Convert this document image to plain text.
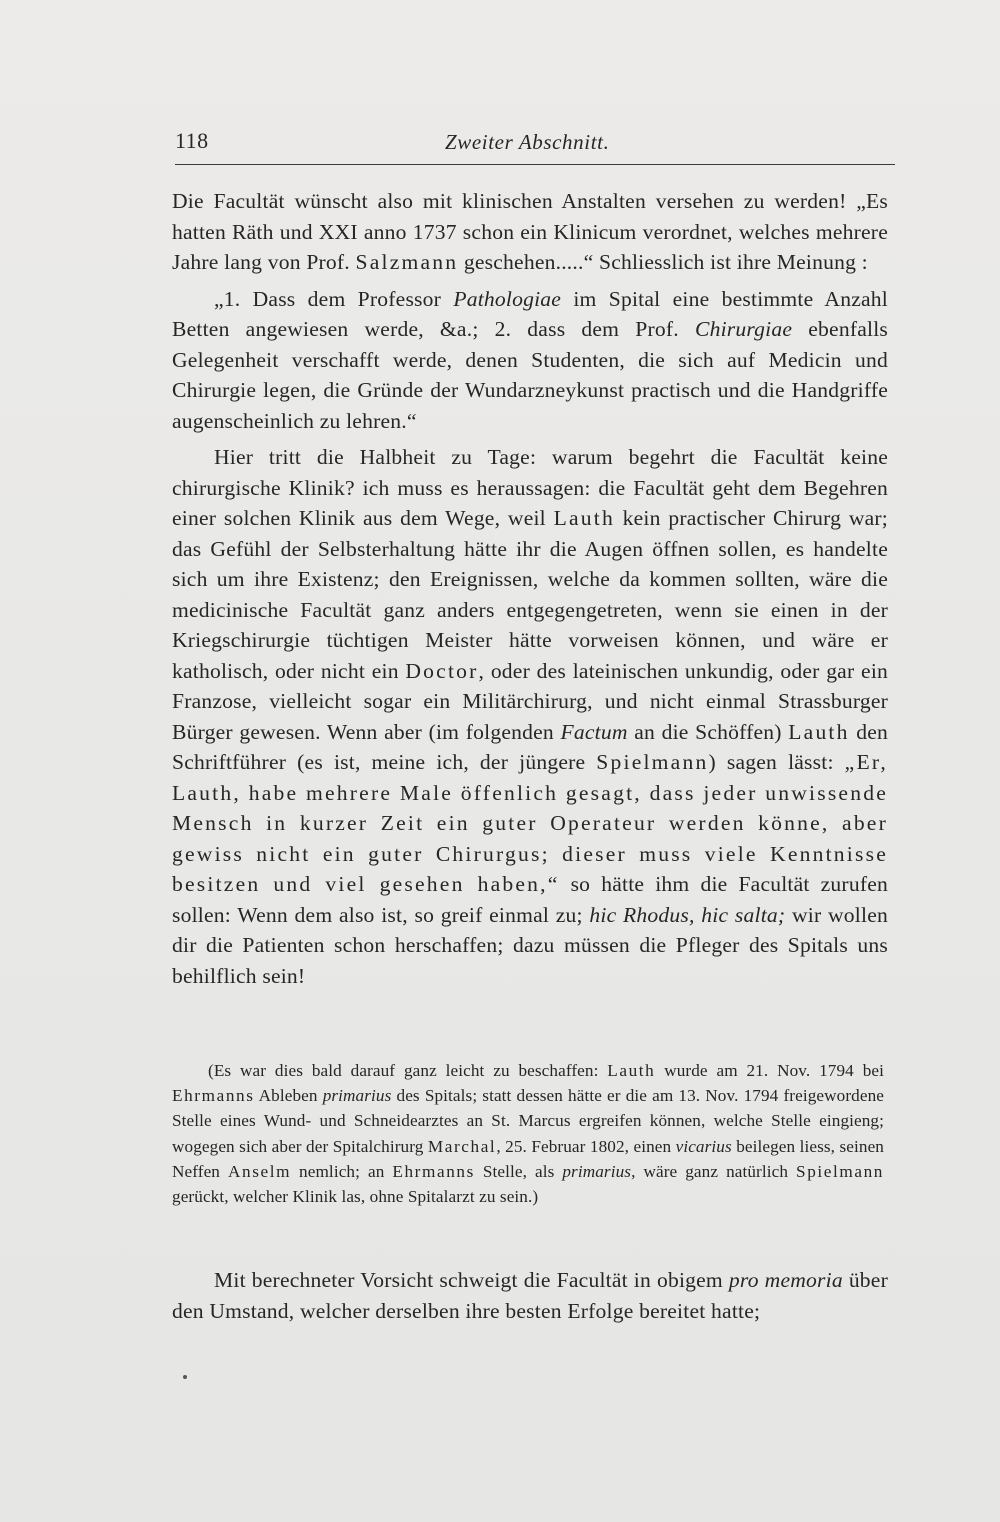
118	Zweiter Abschnitt.

Die Facultät wünscht also mit klinischen Anstalten versehen zu werden! „Es hatten Räth und XXI anno 1737 schon ein Klinicum verordnet, welches mehrere Jahre lang von Prof. Salzmann geschehen.....“ Schliesslich ist ihre Meinung :

„1. Dass dem Professor Pathologiae im Spital eine bestimmte Anzahl Betten angewiesen werde, &a.; 2. dass dem Prof. Chirurgiae ebenfalls Gelegenheit verschafft werde, denen Studenten, die sich auf Medicin und Chirurgie legen, die Gründe der Wundarzneykunst practisch und die Handgriffe augenscheinlich zu lehren.“

Hier tritt die Halbheit zu Tage: warum begehrt die Facultät keine chirurgische Klinik? ich muss es heraussagen: die Facultät geht dem Begehren einer solchen Klinik aus dem Wege, weil Lauth kein practischer Chirurg war; das Gefühl der Selbsterhaltung hätte ihr die Augen öffnen sollen, es handelte sich um ihre Existenz; den Ereignissen, welche da kommen sollten, wäre die medicinische Facultät ganz anders entgegengetreten, wenn sie einen in der Kriegschirurgie tüchtigen Meister hätte vorweisen können, und wäre er katholisch, oder nicht ein Doctor, oder des lateinischen unkundig, oder gar ein Franzose, vielleicht sogar ein Militärchirurg, und nicht einmal Strassburger Bürger gewesen. Wenn aber (im folgenden Factum an die Schöffen) Lauth den Schriftführer (es ist, meine ich, der jüngere Spielmann) sagen lässt: „Er, Lauth, habe mehrere Male öffenlich gesagt, dass jeder unwissende Mensch in kurzer Zeit ein guter Operateur werden könne, aber gewiss nicht ein guter Chirurgus; dieser muss viele Kenntnisse besitzen und viel gesehen haben,“ so hätte ihm die Facultät zurufen sollen: Wenn dem also ist, so greif einmal zu; hic Rhodus, hic salta; wir wollen dir die Patienten schon herschaffen; dazu müssen die Pfleger des Spitals uns behilflich sein!

(Es war dies bald darauf ganz leicht zu beschaffen: Lauth wurde am 21. Nov. 1794 bei Ehrmanns Ableben primarius des Spitals; statt dessen hätte er die am 13. Nov. 1794 freigewordene Stelle eines Wund- und Schneidearztes an St. Marcus ergreifen können, welche Stelle eingieng; wogegen sich aber der Spitalchirurg Marchal, 25. Februar 1802, einen vicarius beilegen liess, seinen Neffen Anselm nemlich; an Ehrmanns Stelle, als primarius, wäre ganz natürlich Spielmann gerückt, welcher Klinik las, ohne Spitalarzt zu sein.)

Mit berechneter Vorsicht schweigt die Facultät in obigem pro memoria über den Umstand, welcher derselben ihre besten Erfolge bereitet hatte;
